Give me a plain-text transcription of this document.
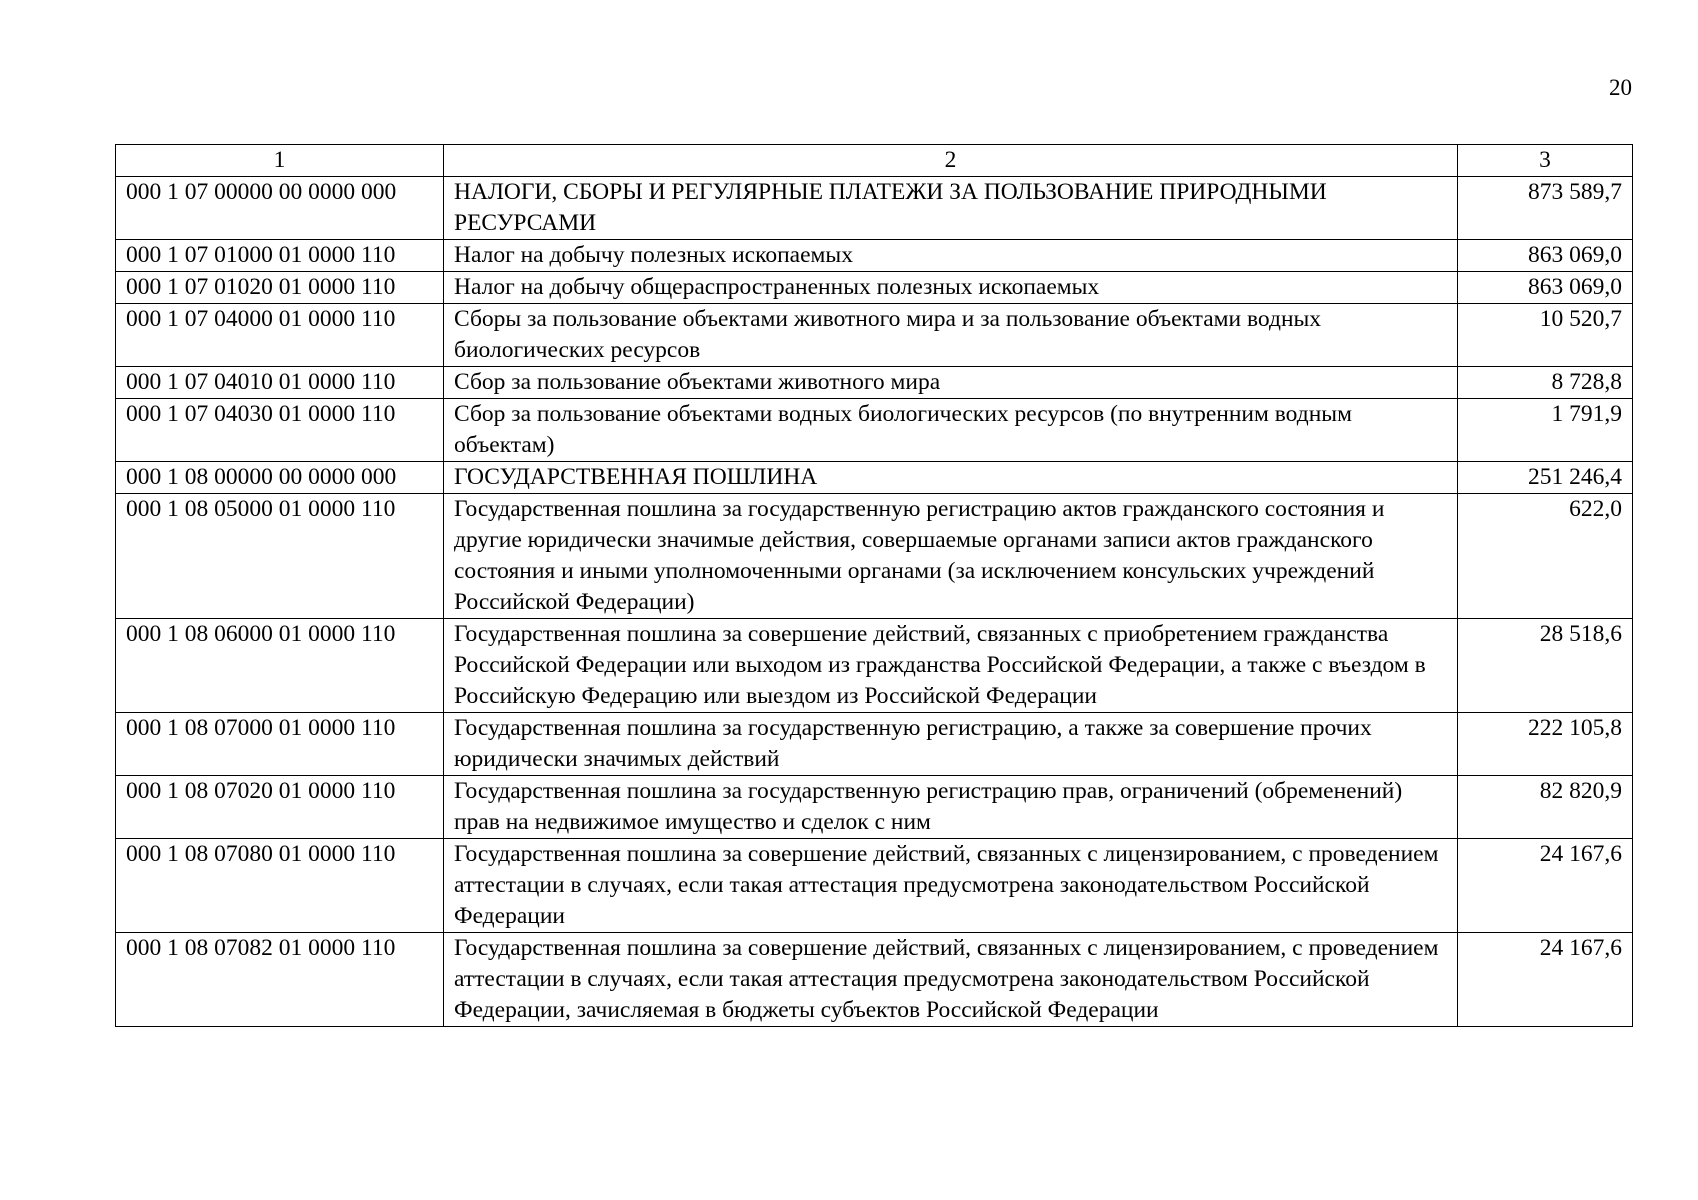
20
1	2	3
000 1 07 00000 00 0000 000	НАЛОГИ, СБОРЫ И РЕГУЛЯРНЫЕ ПЛАТЕЖИ ЗА ПОЛЬЗОВАНИЕ ПРИРОДНЫМИ РЕСУРСАМИ	873 589,7
000 1 07 01000 01 0000 110	Налог на добычу полезных ископаемых	863 069,0
000 1 07 01020 01 0000 110	Налог на добычу общераспространенных полезных ископаемых	863 069,0
000 1 07 04000 01 0000 110	Сборы за пользование объектами животного мира и за пользование объектами водных биологических ресурсов	10 520,7
000 1 07 04010 01 0000 110	Сбор за пользование объектами животного мира	8 728,8
000 1 07 04030 01 0000 110	Сбор за пользование объектами водных биологических ресурсов (по внутренним водным объектам)	1 791,9
000 1 08 00000 00 0000 000	ГОСУДАРСТВЕННАЯ ПОШЛИНА	251 246,4
000 1 08 05000 01 0000 110	Государственная пошлина за государственную регистрацию актов гражданского состояния и другие юридически значимые действия, совершаемые органами записи актов гражданского состояния и иными уполномоченными органами (за исключением консульских учреждений Российской Федерации)	622,0
000 1 08 06000 01 0000 110	Государственная пошлина за совершение действий, связанных с приобретением гражданства Российской Федерации или выходом из гражданства Российской Федерации, а также с въездом в Российскую Федерацию или выездом из Российской Федерации	28 518,6
000 1 08 07000 01 0000 110	Государственная пошлина за государственную регистрацию, а также за совершение прочих юридически значимых действий	222 105,8
000 1 08 07020 01 0000 110	Государственная пошлина за государственную регистрацию прав, ограничений (обременений) прав на недвижимое имущество и сделок с ним	82 820,9
000 1 08 07080 01 0000 110	Государственная пошлина за совершение действий, связанных с лицензированием, с проведением аттестации в случаях, если такая аттестация предусмотрена законодательством Российской Федерации	24 167,6
000 1 08 07082 01 0000 110	Государственная пошлина за совершение действий, связанных с лицензированием, с проведением аттестации в случаях, если такая аттестация предусмотрена законодательством Российской Федерации, зачисляемая в бюджеты субъектов Российской Федерации	24 167,6
